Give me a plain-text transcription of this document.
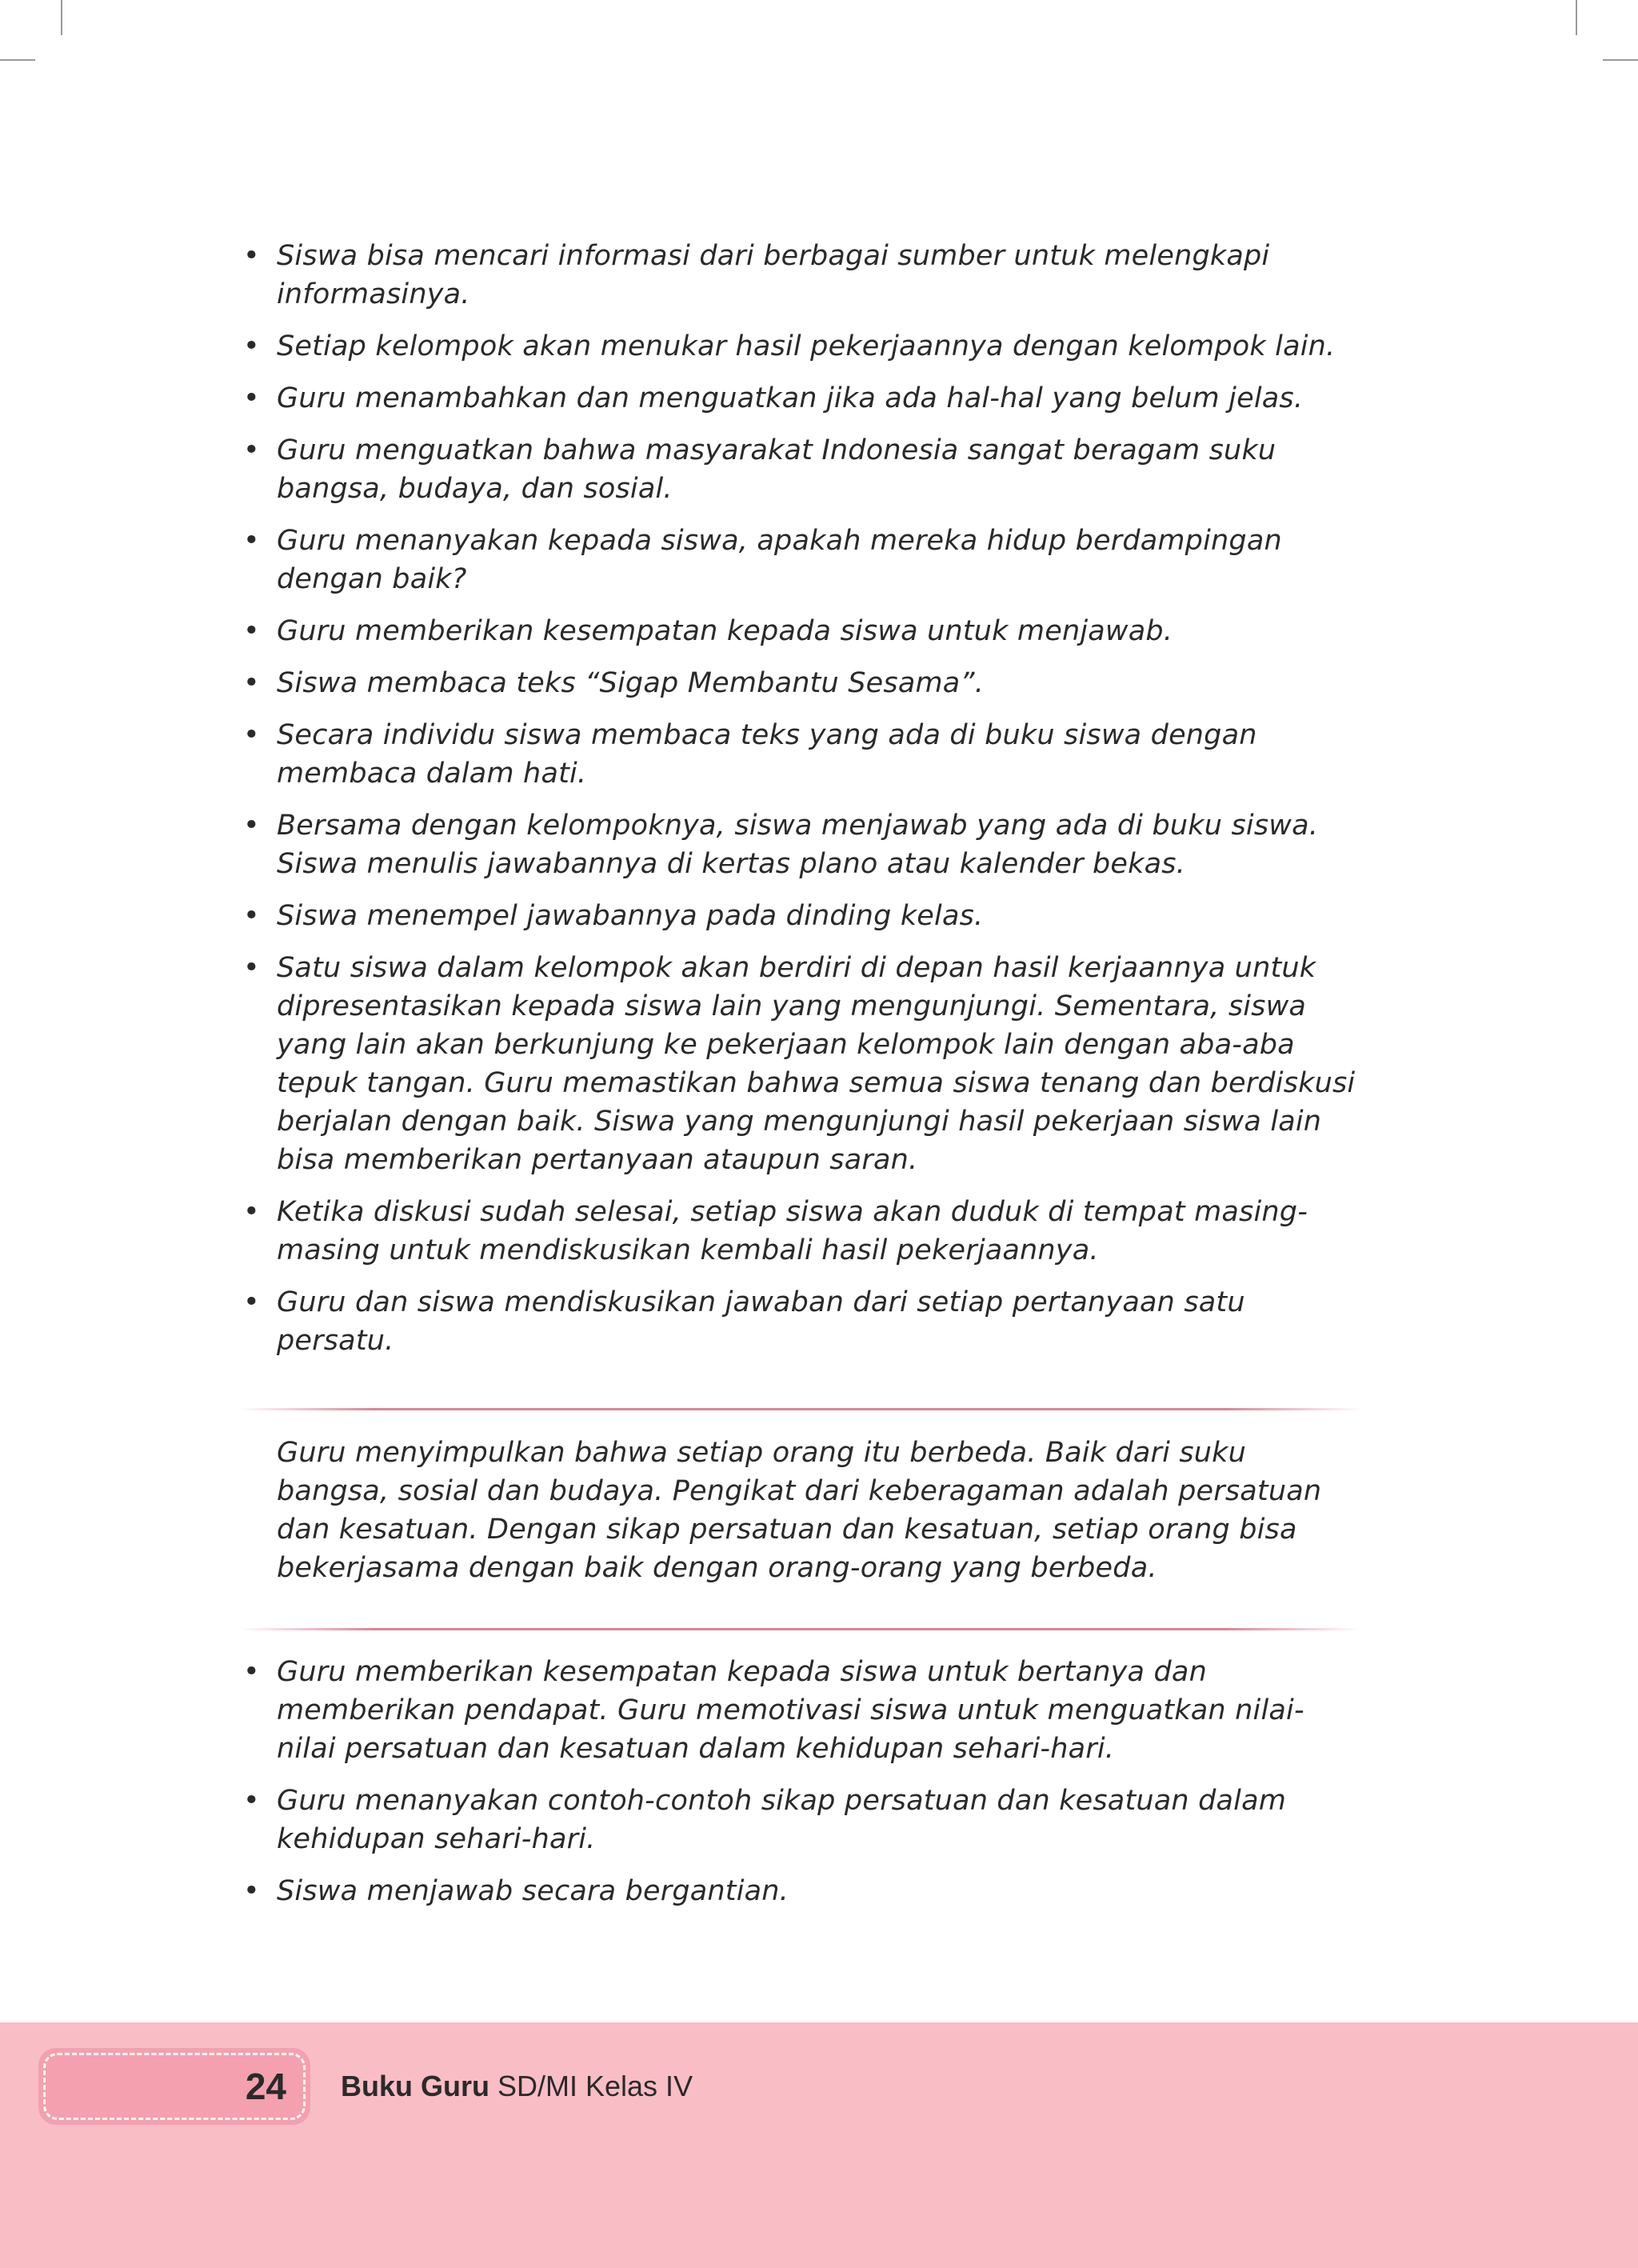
• Siswa bisa mencari informasi dari berbagai sumber untuk melengkapi informasinya.
• Setiap kelompok akan menukar hasil pekerjaannya dengan kelompok lain.
• Guru menambahkan dan menguatkan jika ada hal-hal yang belum jelas.
• Guru menguatkan bahwa masyarakat Indonesia sangat beragam suku bangsa, budaya, dan sosial.
• Guru menanyakan kepada siswa, apakah mereka hidup berdampingan dengan baik?
• Guru memberikan kesempatan kepada siswa untuk menjawab.
• Siswa membaca teks “Sigap Membantu Sesama”.
• Secara individu siswa membaca teks yang ada di buku siswa dengan membaca dalam hati.
• Bersama dengan kelompoknya, siswa menjawab yang ada di buku siswa. Siswa menulis jawabannya di kertas plano atau kalender bekas.
• Siswa menempel jawabannya pada dinding kelas.
• Satu siswa dalam kelompok akan berdiri di depan hasil kerjaannya untuk dipresentasikan kepada siswa lain yang mengunjungi. Sementara, siswa yang lain akan berkunjung ke pekerjaan kelompok lain dengan aba-aba tepuk tangan. Guru memastikan bahwa semua siswa tenang dan berdiskusi berjalan dengan baik. Siswa yang mengunjungi hasil pekerjaan siswa lain bisa memberikan pertanyaan ataupun saran.
• Ketika diskusi sudah selesai, setiap siswa akan duduk di tempat masing-masing untuk mendiskusikan kembali hasil pekerjaannya.
• Guru dan siswa mendiskusikan jawaban dari setiap pertanyaan satu persatu.
Guru menyimpulkan bahwa setiap orang itu berbeda. Baik dari suku bangsa, sosial dan budaya. Pengikat dari keberagaman adalah persatuan dan kesatuan. Dengan sikap persatuan dan kesatuan, setiap orang bisa bekerjasama dengan baik dengan orang-orang yang berbeda.
• Guru memberikan kesempatan kepada siswa untuk bertanya dan memberikan pendapat. Guru memotivasi siswa untuk menguatkan nilai-nilai persatuan dan kesatuan dalam kehidupan sehari-hari.
• Guru menanyakan contoh-contoh sikap persatuan dan kesatuan dalam kehidupan sehari-hari.
• Siswa menjawab secara bergantian.
24 Buku Guru SD/MI Kelas IV
